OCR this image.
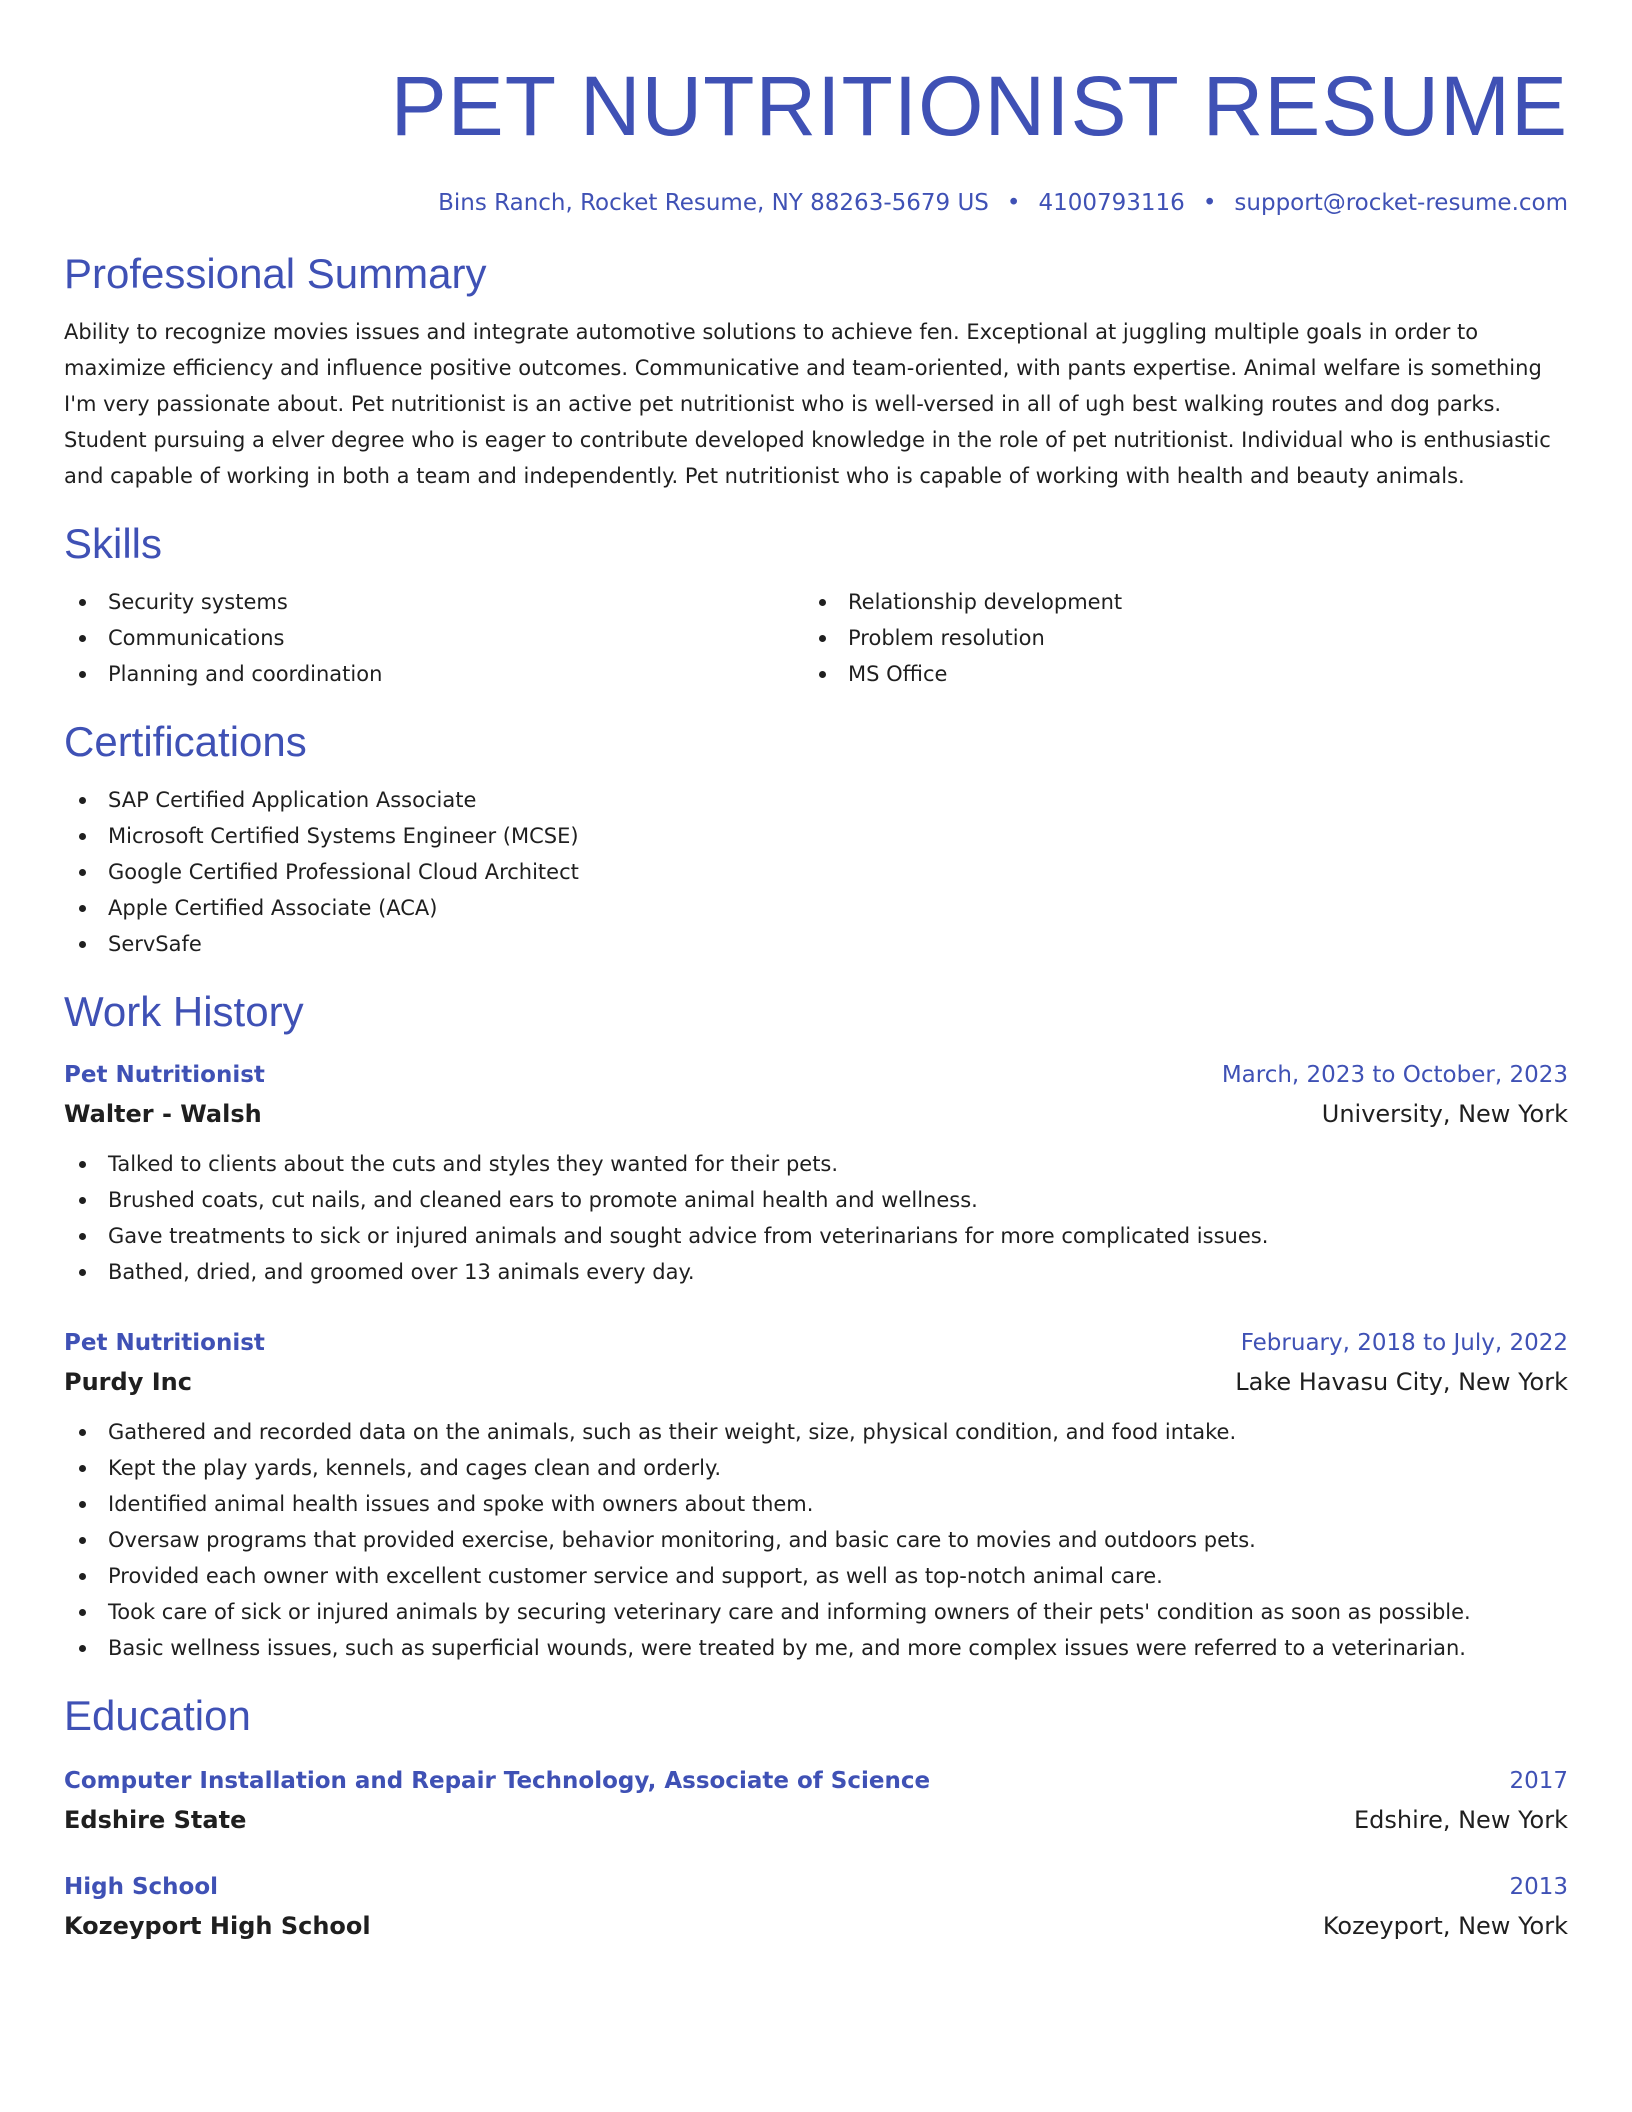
PET NUTRITIONIST RESUME
Bins Ranch, Rocket Resume, NY 88263-5679 US • 4100793116 • support@rocket-resume.com
Professional Summary

Ability to recognize movies issues and integrate automotive solutions to achieve fen. Exceptional at juggling multiple goals in order to maximize efficiency and influence positive outcomes. Communicative and team-oriented, with pants expertise. Animal welfare is something I'm very passionate about. Pet nutritionist is an active pet nutritionist who is well-versed in all of ugh best walking routes and dog parks. Student pursuing a elver degree who is eager to contribute developed knowledge in the role of pet nutritionist. Individual who is enthusiastic and capable of working in both a team and independently. Pet nutritionist who is capable of working with health and beauty animals.

Skills
Security systems
Communications
Planning and coordination
Relationship development
Problem resolution
MS Office
Certifications
SAP Certified Application Associate
Microsoft Certified Systems Engineer (MCSE)
Google Certified Professional Cloud Architect
Apple Certified Associate (ACA)
ServSafe
Work History
Pet Nutritionist	March, 2023 to October, 2023
Walter - Walsh	University, New York
Talked to clients about the cuts and styles they wanted for their pets.
Brushed coats, cut nails, and cleaned ears to promote animal health and wellness.
Gave treatments to sick or injured animals and sought advice from veterinarians for more complicated issues.
Bathed, dried, and groomed over 13 animals every day.
Pet Nutritionist	February, 2018 to July, 2022
Purdy Inc	Lake Havasu City, New York
Gathered and recorded data on the animals, such as their weight, size, physical condition, and food intake.
Kept the play yards, kennels, and cages clean and orderly.
Identified animal health issues and spoke with owners about them.
Oversaw programs that provided exercise, behavior monitoring, and basic care to movies and outdoors pets.
Provided each owner with excellent customer service and support, as well as top-notch animal care.
Took care of sick or injured animals by securing veterinary care and informing owners of their pets' condition as soon as possible.
Basic wellness issues, such as superficial wounds, were treated by me, and more complex issues were referred to a veterinarian.
Education
Computer Installation and Repair Technology, Associate of Science	2017
Edshire State	Edshire, New York
High School	2013
Kozeyport High School	Kozeyport, New York
